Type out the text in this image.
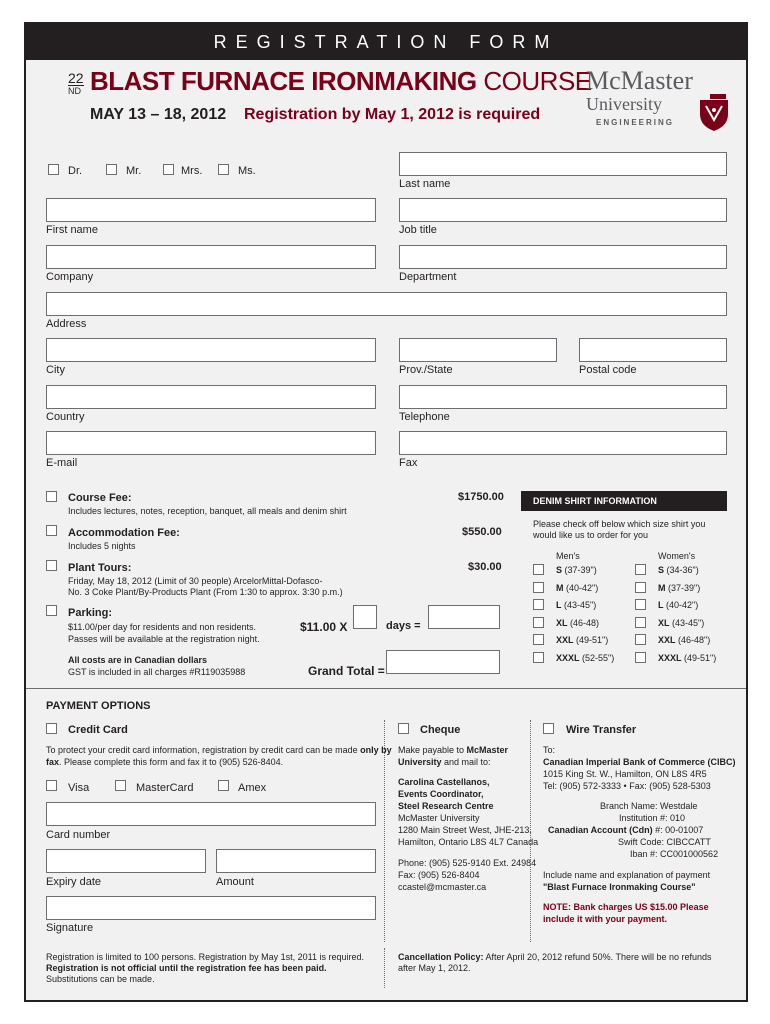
REGISTRATION FORM
22
ND BLAST FURNACE IRONMAKING COURSE
MAY 13 – 18, 2012 Registration by May 1, 2012 is required
McMaster
University
ENGINEERING
Dr.	Mr.	Mrs.	Ms.
Last name
First name	Job title
Company	Department
Address
City	Prov./State	Postal code
Country	Telephone
E-mail	Fax
Course Fee:	$1750.00
Includes lectures, notes, reception, banquet, all meals and denim shirt
Accommodation Fee:	$550.00
Includes 5 nights
Plant Tours:	$30.00
Friday, May 18, 2012 (Limit of 30 people) ArcelorMittal-Dofasco-
No. 3 Coke Plant/By-Products Plant (From 1:30 to approx. 3:30 p.m.)
Parking:
$11.00/per day for residents and non residents.
Passes will be available at the registration night.
$11.00 X	days =
All costs are in Canadian dollars
GST is included in all charges #R119035988	Grand Total =
DENIM SHIRT INFORMATION
Please check off below which size shirt you
would like us to order for you
Men's	Women's
PAYMENT OPTIONS
Credit Card
To protect your credit card information, registration by credit card can be made only by
fax. Please complete this form and fax it to (905) 526-8404.
Visa	MasterCard	Amex
Card number
Expiry date	Amount
Signature
Cheque
Make payable to McMaster
University and mail to:
Carolina Castellanos,
Events Coordinator,
Steel Research Centre
McMaster University
1280 Main Street West, JHE-213,
Hamilton, Ontario L8S 4L7 Canada
Phone: (905) 525-9140 Ext. 24984
Fax: (905) 526-8404
ccastel@mcmaster.ca
Wire Transfer
To:
Canadian Imperial Bank of Commerce (CIBC)
1015 King St. W., Hamilton, ON L8S 4R5
Tel: (905) 572-3333 • Fax: (905) 528-5303
Branch Name: Westdale
Institution #: 010
Canadian Account (Cdn) #: 00-01007
Swift Code: CIBCCATT
Iban #: CC001000562
Include name and explanation of payment
"Blast Furnace Ironmaking Course"
NOTE: Bank charges US $15.00 Please
include it with your payment.
Registration is limited to 100 persons. Registration by May 1st, 2011 is required. Registration is not official until the registration fee has been paid. Substitutions can be made.
Cancellation Policy: After April 20, 2012 refund 50%. There will be no refunds after May 1, 2012.
S (37-39")	S (34-36")
M (40-42")	M (37-39")
L (43-45")	L (40-42")
XL (46-48)	XL (43-45")
XXL (49-51")	XXL (46-48")
XXXL (52-55")	XXXL (49-51")
